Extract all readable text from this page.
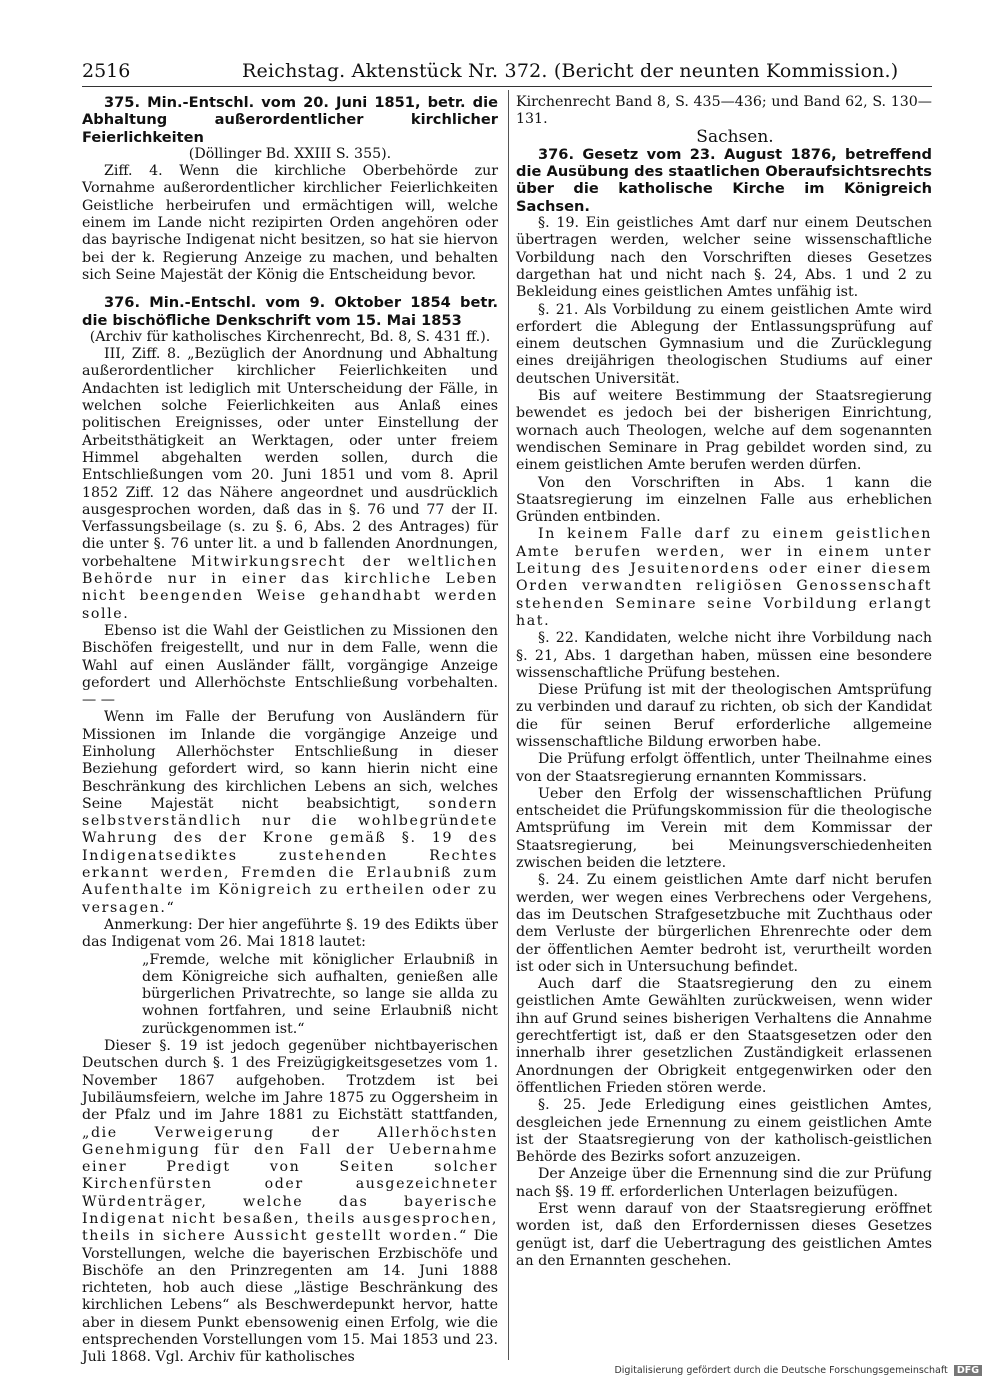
2516	Reichstag. Aktenstück Nr. 372. (Bericht der neunten Kommission.)

375. Min.-Entschl. vom 20. Juni 1851, betr. die Abhaltung außerordentlicher kirchlicher Feierlichkeiten

(Döllinger Bd. XXIII S. 355).

Ziff. 4. Wenn die kirchliche Oberbehörde zur Vornahme außerordentlicher kirchlicher Feierlichkeiten Geistliche herbeirufen und ermächtigen will, welche einem im Lande nicht rezipirten Orden angehören oder das bayrische Indigenat nicht besitzen, so hat sie hiervon bei der k. Regierung Anzeige zu machen, und behalten sich Seine Majestät der König die Entscheidung bevor.

376. Min.-Entschl. vom 9. Oktober 1854 betr. die bischöfliche Denkschrift vom 15. Mai 1853

(Archiv für katholisches Kirchenrecht, Bd. 8, S. 431 ff.).

III, Ziff. 8. „Bezüglich der Anordnung und Abhaltung außerordentlicher kirchlicher Feierlichkeiten und Andachten ist lediglich mit Unterscheidung der Fälle, in welchen solche Feierlichkeiten aus Anlaß eines politischen Ereignisses, oder unter Einstellung der Arbeitsthätigkeit an Werktagen, oder unter freiem Himmel abgehalten werden sollen, durch die Entschließungen vom 20. Juni 1851 und vom 8. April 1852 Ziff. 12 das Nähere angeordnet und ausdrücklich ausgesprochen worden, daß das in §. 76 und 77 der II. Verfassungsbeilage (s. zu §. 6, Abs. 2 des Antrages) für die unter §. 76 unter lit. a und b fallenden Anordnungen, vorbehaltene Mitwirkungsrecht der weltlichen Behörde nur in einer das kirchliche Leben nicht beengenden Weise gehandhabt werden solle.

Ebenso ist die Wahl der Geistlichen zu Missionen den Bischöfen freigestellt, und nur in dem Falle, wenn die Wahl auf einen Ausländer fällt, vorgängige Anzeige gefordert und Allerhöchste Entschließung vorbehalten. — —

Wenn im Falle der Berufung von Ausländern für Missionen im Inlande die vorgängige Anzeige und Einholung Allerhöchster Entschließung in dieser Beziehung gefordert wird, so kann hierin nicht eine Beschränkung des kirchlichen Lebens an sich, welches Seine Majestät nicht beabsichtigt, sondern selbstverständlich nur die wohlbegründete Wahrung des der Krone gemäß §. 19 des Indigenatsediktes zustehenden Rechtes erkannt werden, Fremden die Erlaubniß zum Aufenthalte im Königreich zu ertheilen oder zu versagen.“

Anmerkung: Der hier angeführte §. 19 des Edikts über das Indigenat vom 26. Mai 1818 lautet:

„Fremde, welche mit königlicher Erlaubniß in dem Königreiche sich aufhalten, genießen alle bürgerlichen Privatrechte, so lange sie allda zu wohnen fortfahren, und seine Erlaubniß nicht zurückgenommen ist.“

Dieser §. 19 ist jedoch gegenüber nichtbayerischen Deutschen durch §. 1 des Freizügigkeitsgesetzes vom 1. November 1867 aufgehoben. Trotzdem ist bei Jubiläumsfeiern, welche im Jahre 1875 zu Oggersheim in der Pfalz und im Jahre 1881 zu Eichstätt stattfanden, „die Verweigerung der Allerhöchsten Genehmigung für den Fall der Uebernahme einer Predigt von Seiten solcher Kirchenfürsten oder ausgezeichneter Würdenträger, welche das bayerische Indigenat nicht besaßen, theils ausgesprochen, theils in sichere Aussicht gestellt worden.“ Die Vorstellungen, welche die bayerischen Erzbischöfe und Bischöfe an den Prinzregenten am 14. Juni 1888 richteten, hob auch diese „lästige Beschränkung des kirchlichen Lebens“ als Beschwerdepunkt hervor, hatte aber in diesem Punkt ebensowenig einen Erfolg, wie die entsprechenden Vorstellungen vom 15. Mai 1853 und 23. Juli 1868. Vgl. Archiv für katholisches

Kirchenrecht Band 8, S. 435—436; und Band 62, S. 130—131.

Sachsen.

376. Gesetz vom 23. August 1876, betreffend die Ausübung des staatlichen Oberaufsichtsrechts über die katholische Kirche im Königreich Sachsen.

§. 19. Ein geistliches Amt darf nur einem Deutschen übertragen werden, welcher seine wissenschaftliche Vorbildung nach den Vorschriften dieses Gesetzes dargethan hat und nicht nach §. 24, Abs. 1 und 2 zu Bekleidung eines geistlichen Amtes unfähig ist.

§. 21. Als Vorbildung zu einem geistlichen Amte wird erfordert die Ablegung der Entlassungsprüfung auf einem deutschen Gymnasium und die Zurücklegung eines dreijährigen theologischen Studiums auf einer deutschen Universität.

Bis auf weitere Bestimmung der Staatsregierung bewendet es jedoch bei der bisherigen Einrichtung, wornach auch Theologen, welche auf dem sogenannten wendischen Seminare in Prag gebildet worden sind, zu einem geistlichen Amte berufen werden dürfen.

Von den Vorschriften in Abs. 1 kann die Staatsregierung im einzelnen Falle aus erheblichen Gründen entbinden.

In keinem Falle darf zu einem geistlichen Amte berufen werden, wer in einem unter Leitung des Jesuitenordens oder einer diesem Orden verwandten religiösen Genossenschaft stehenden Seminare seine Vorbildung erlangt hat.

§. 22. Kandidaten, welche nicht ihre Vorbildung nach §. 21, Abs. 1 dargethan haben, müssen eine besondere wissenschaftliche Prüfung bestehen.

Diese Prüfung ist mit der theologischen Amtsprüfung zu verbinden und darauf zu richten, ob sich der Kandidat die für seinen Beruf erforderliche allgemeine wissenschaftliche Bildung erworben habe.

Die Prüfung erfolgt öffentlich, unter Theilnahme eines von der Staatsregierung ernannten Kommissars.

Ueber den Erfolg der wissenschaftlichen Prüfung entscheidet die Prüfungskommission für die theologische Amtsprüfung im Verein mit dem Kommissar der Staatsregierung, bei Meinungsverschiedenheiten zwischen beiden die letztere.

§. 24. Zu einem geistlichen Amte darf nicht berufen werden, wer wegen eines Verbrechens oder Vergehens, das im Deutschen Strafgesetzbuche mit Zuchthaus oder dem Verluste der bürgerlichen Ehrenrechte oder dem der öffentlichen Aemter bedroht ist, verurtheilt worden ist oder sich in Untersuchung befindet.

Auch darf die Staatsregierung den zu einem geistlichen Amte Gewählten zurückweisen, wenn wider ihn auf Grund seines bisherigen Verhaltens die Annahme gerechtfertigt ist, daß er den Staatsgesetzen oder den innerhalb ihrer gesetzlichen Zuständigkeit erlassenen Anordnungen der Obrigkeit entgegenwirken oder den öffentlichen Frieden stören werde.

§. 25. Jede Erledigung eines geistlichen Amtes, desgleichen jede Ernennung zu einem geistlichen Amte ist der Staatsregierung von der katholisch-geistlichen Behörde des Bezirks sofort anzuzeigen.

Der Anzeige über die Ernennung sind die zur Prüfung nach §§. 19 ff. erforderlichen Unterlagen beizufügen.

Erst wenn darauf von der Staatsregierung eröffnet worden ist, daß den Erfordernissen dieses Gesetzes genügt ist, darf die Uebertragung des geistlichen Amtes an den Ernannten geschehen.

Digitalisierung gefördert durch die Deutsche Forschungsgemeinschaft DFG
